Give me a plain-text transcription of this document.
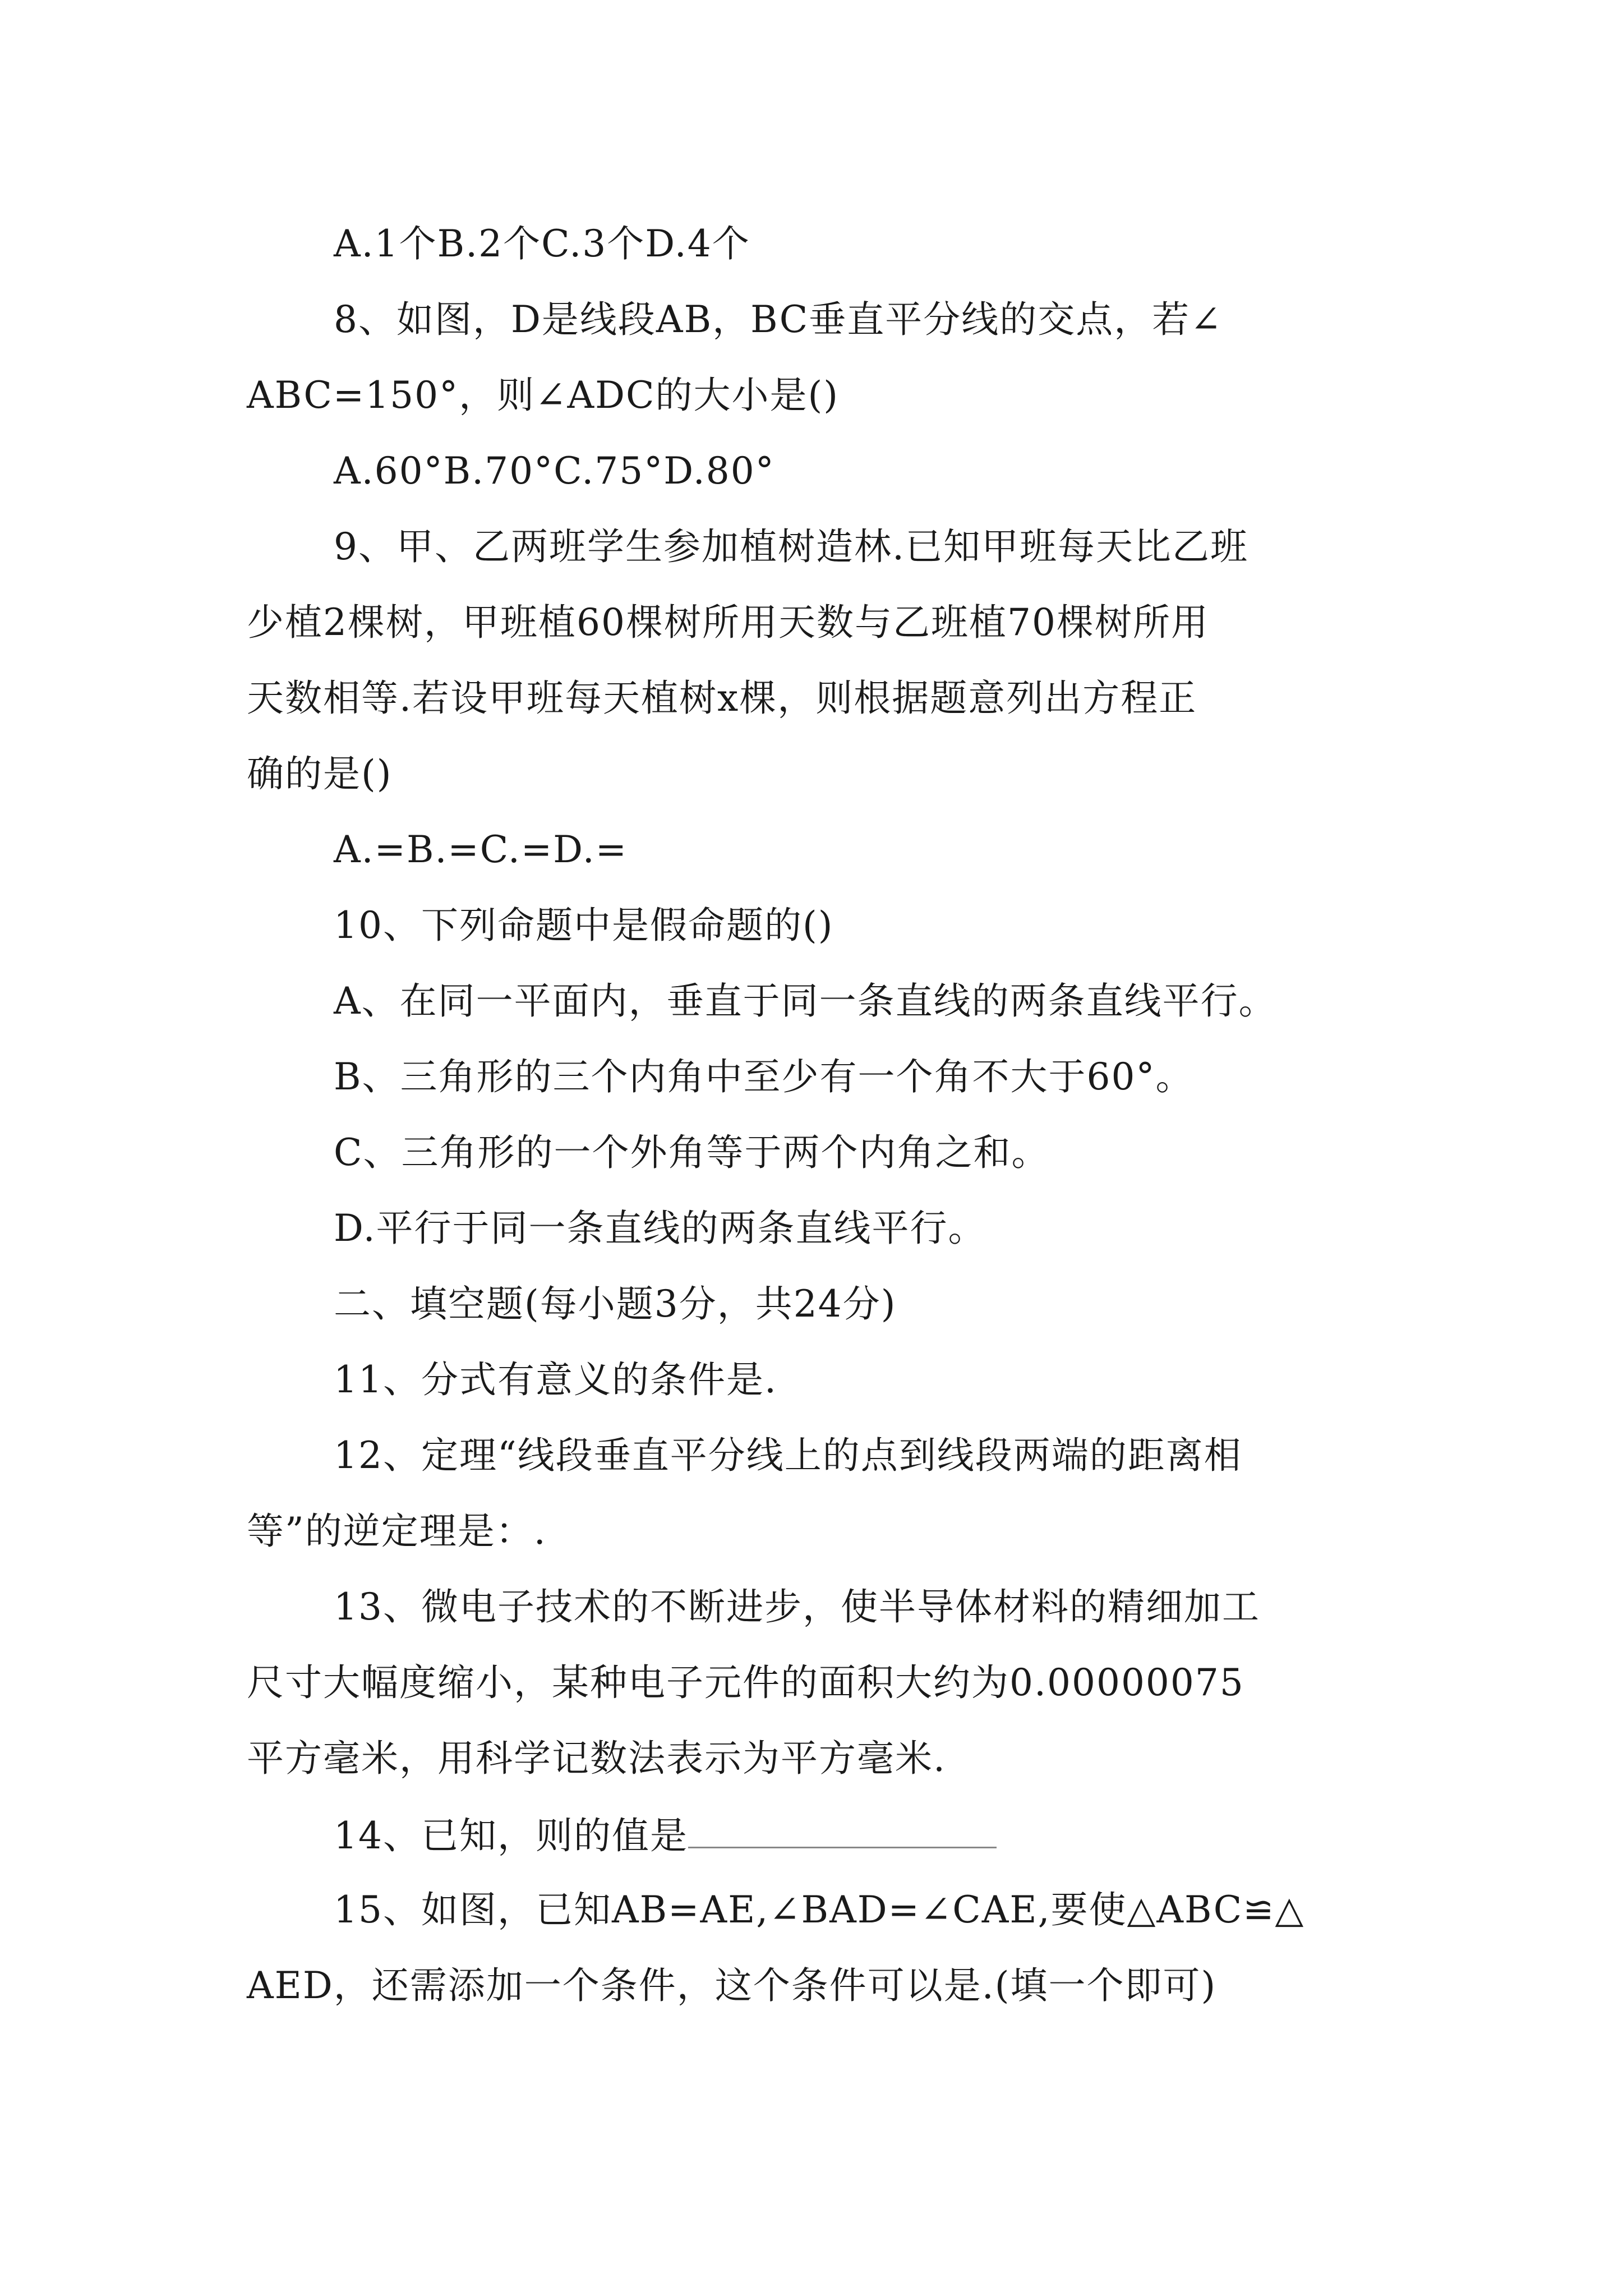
A.1个B.2个C.3个D.4个
8、如图，D是线段AB，BC垂直平分线的交点，若∠
ABC=150°，则∠ADC的大小是()
A.60°B.70°C.75°D.80°
9、甲、乙两班学生参加植树造林.已知甲班每天比乙班
少植2棵树，甲班植60棵树所用天数与乙班植70棵树所用
天数相等.若设甲班每天植树x棵，则根据题意列出方程正
确的是()
A.=B.=C.=D.=
10、下列命题中是假命题的()
A、在同一平面内，垂直于同一条直线的两条直线平行。
B、三角形的三个内角中至少有一个角不大于60°。
C、三角形的一个外角等于两个内角之和。
D.平行于同一条直线的两条直线平行。
二、填空题(每小题3分，共24分)
11、分式有意义的条件是.
12、定理“线段垂直平分线上的点到线段两端的距离相
等”的逆定理是：.
13、微电子技术的不断进步，使半导体材料的精细加工
尺寸大幅度缩小，某种电子元件的面积大约为0.00000075
平方毫米，用科学记数法表示为平方毫米.
14、已知，则的值是
15、如图，已知AB=AE,∠BAD=∠CAE,要使△ABC≌△
AED，还需添加一个条件，这个条件可以是.(填一个即可)
